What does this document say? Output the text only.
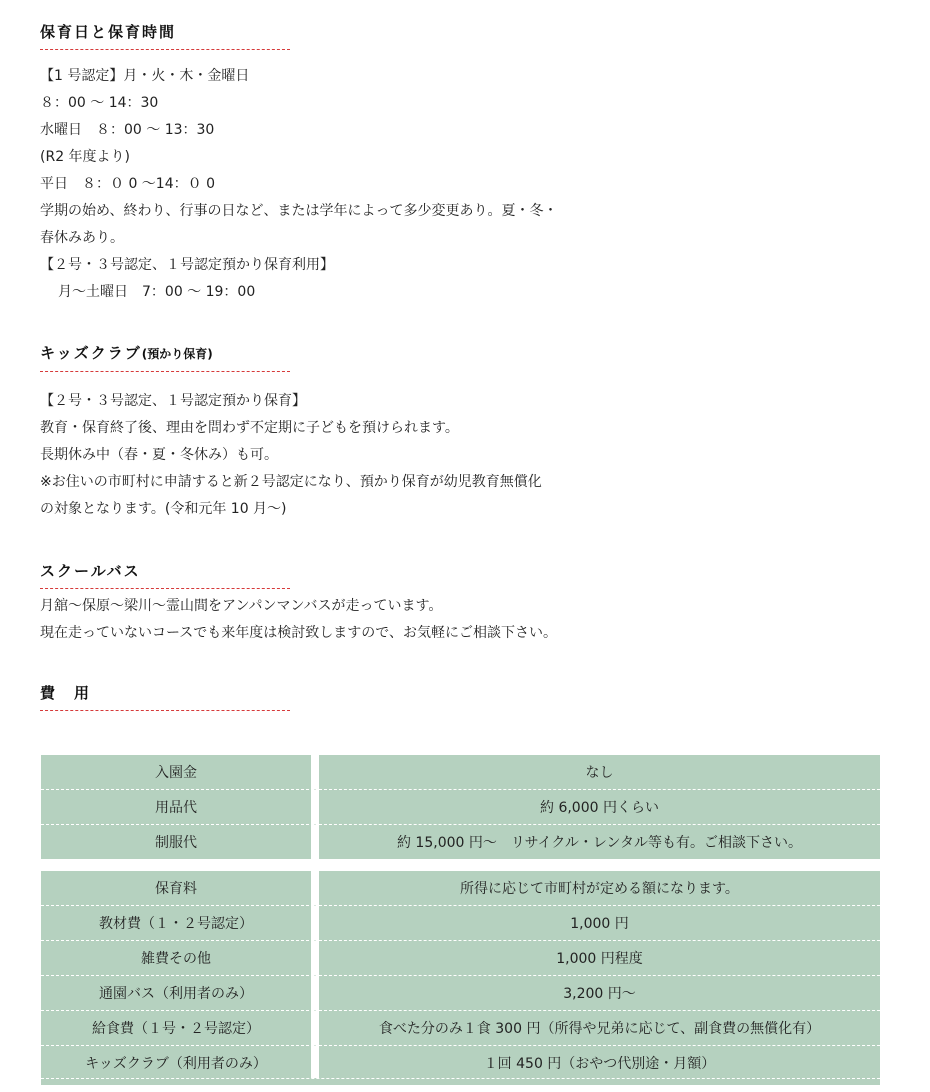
保育日と保育時間
【1 号認定】月・火・木・金曜日
８：00 〜 14：30
水曜日　８：00 〜 13：30
(R2 年度より)
平日　８：０ 0 〜14：０ 0
学期の始め、終わり、行事の日など、または学年によって多少変更あり。夏・冬・
春休みあり。
【２号・３号認定、１号認定預かり保育利用】
月〜土曜日　7：00 〜 19：00
キッズクラブ(預かり保育)
【２号・３号認定、１号認定預かり保育】
教育・保育終了後、理由を問わず不定期に子どもを預けられます。
長期休み中（春・夏・冬休み）も可。
※お住いの市町村に申請すると新２号認定になり、預かり保育が幼児教育無償化
の対象となります。(令和元年 10 月〜)
スクールバス
月舘〜保原〜梁川〜霊山間をアンパンマンバスが走っています。
現在走っていないコースでも来年度は検討致しますので、お気軽にご相談下さい。
費　用
入園金	なし
用品代	約 6,000 円くらい
制服代	約 15,000 円〜　リサイクル・レンタル等も有。ご相談下さい。
保育料	所得に応じて市町村が定める額になります。
教材費（１・２号認定）	1,000 円
雑費その他	1,000 円程度
通園バス（利用者のみ）	3,200 円〜
給食費（１号・２号認定）	食べた分のみ１食 300 円（所得や兄弟に応じて、副食費の無償化有）
キッズクラブ（利用者のみ）	１回 450 円（おやつ代別途・月額）
